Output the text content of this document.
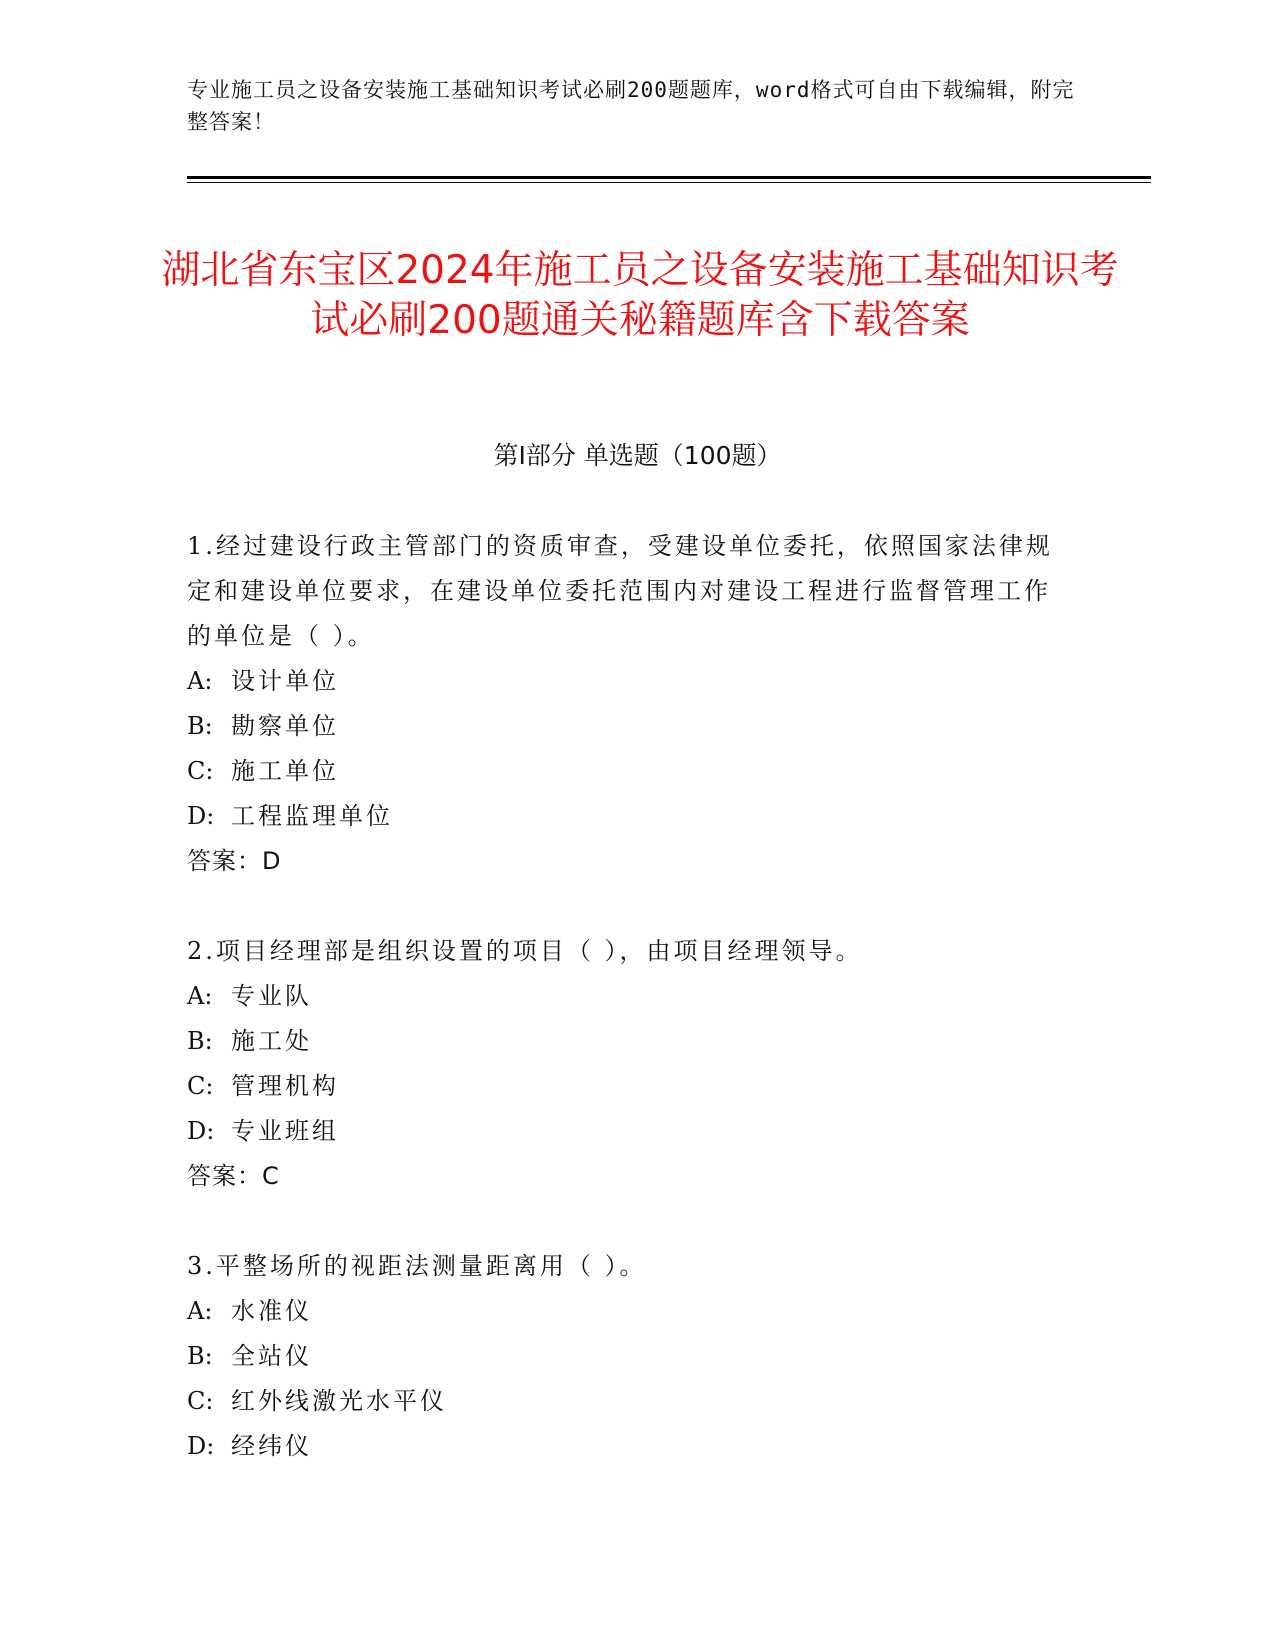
专业施工员之设备安装施工基础知识考试必刷200题题库，word格式可自由下载编辑，附完整答案！
湖北省东宝区2024年施工员之设备安装施工基础知识考试必刷200题通关秘籍题库含下载答案
第Ⅰ部分 单选题（100题）
1.经过建设行政主管部门的资质审查，受建设单位委托，依照国家法律规定和建设单位要求，在建设单位委托范围内对建设工程进行监督管理工作的单位是（ ）。
A: 设计单位
B: 勘察单位
C: 施工单位
D: 工程监理单位
答案：D
2.项目经理部是组织设置的项目（ ），由项目经理领导。
A: 专业队
B: 施工处
C: 管理机构
D: 专业班组
答案：C
3.平整场所的视距法测量距离用（ ）。
A: 水准仪
B: 全站仪
C: 红外线激光水平仪
D: 经纬仪
